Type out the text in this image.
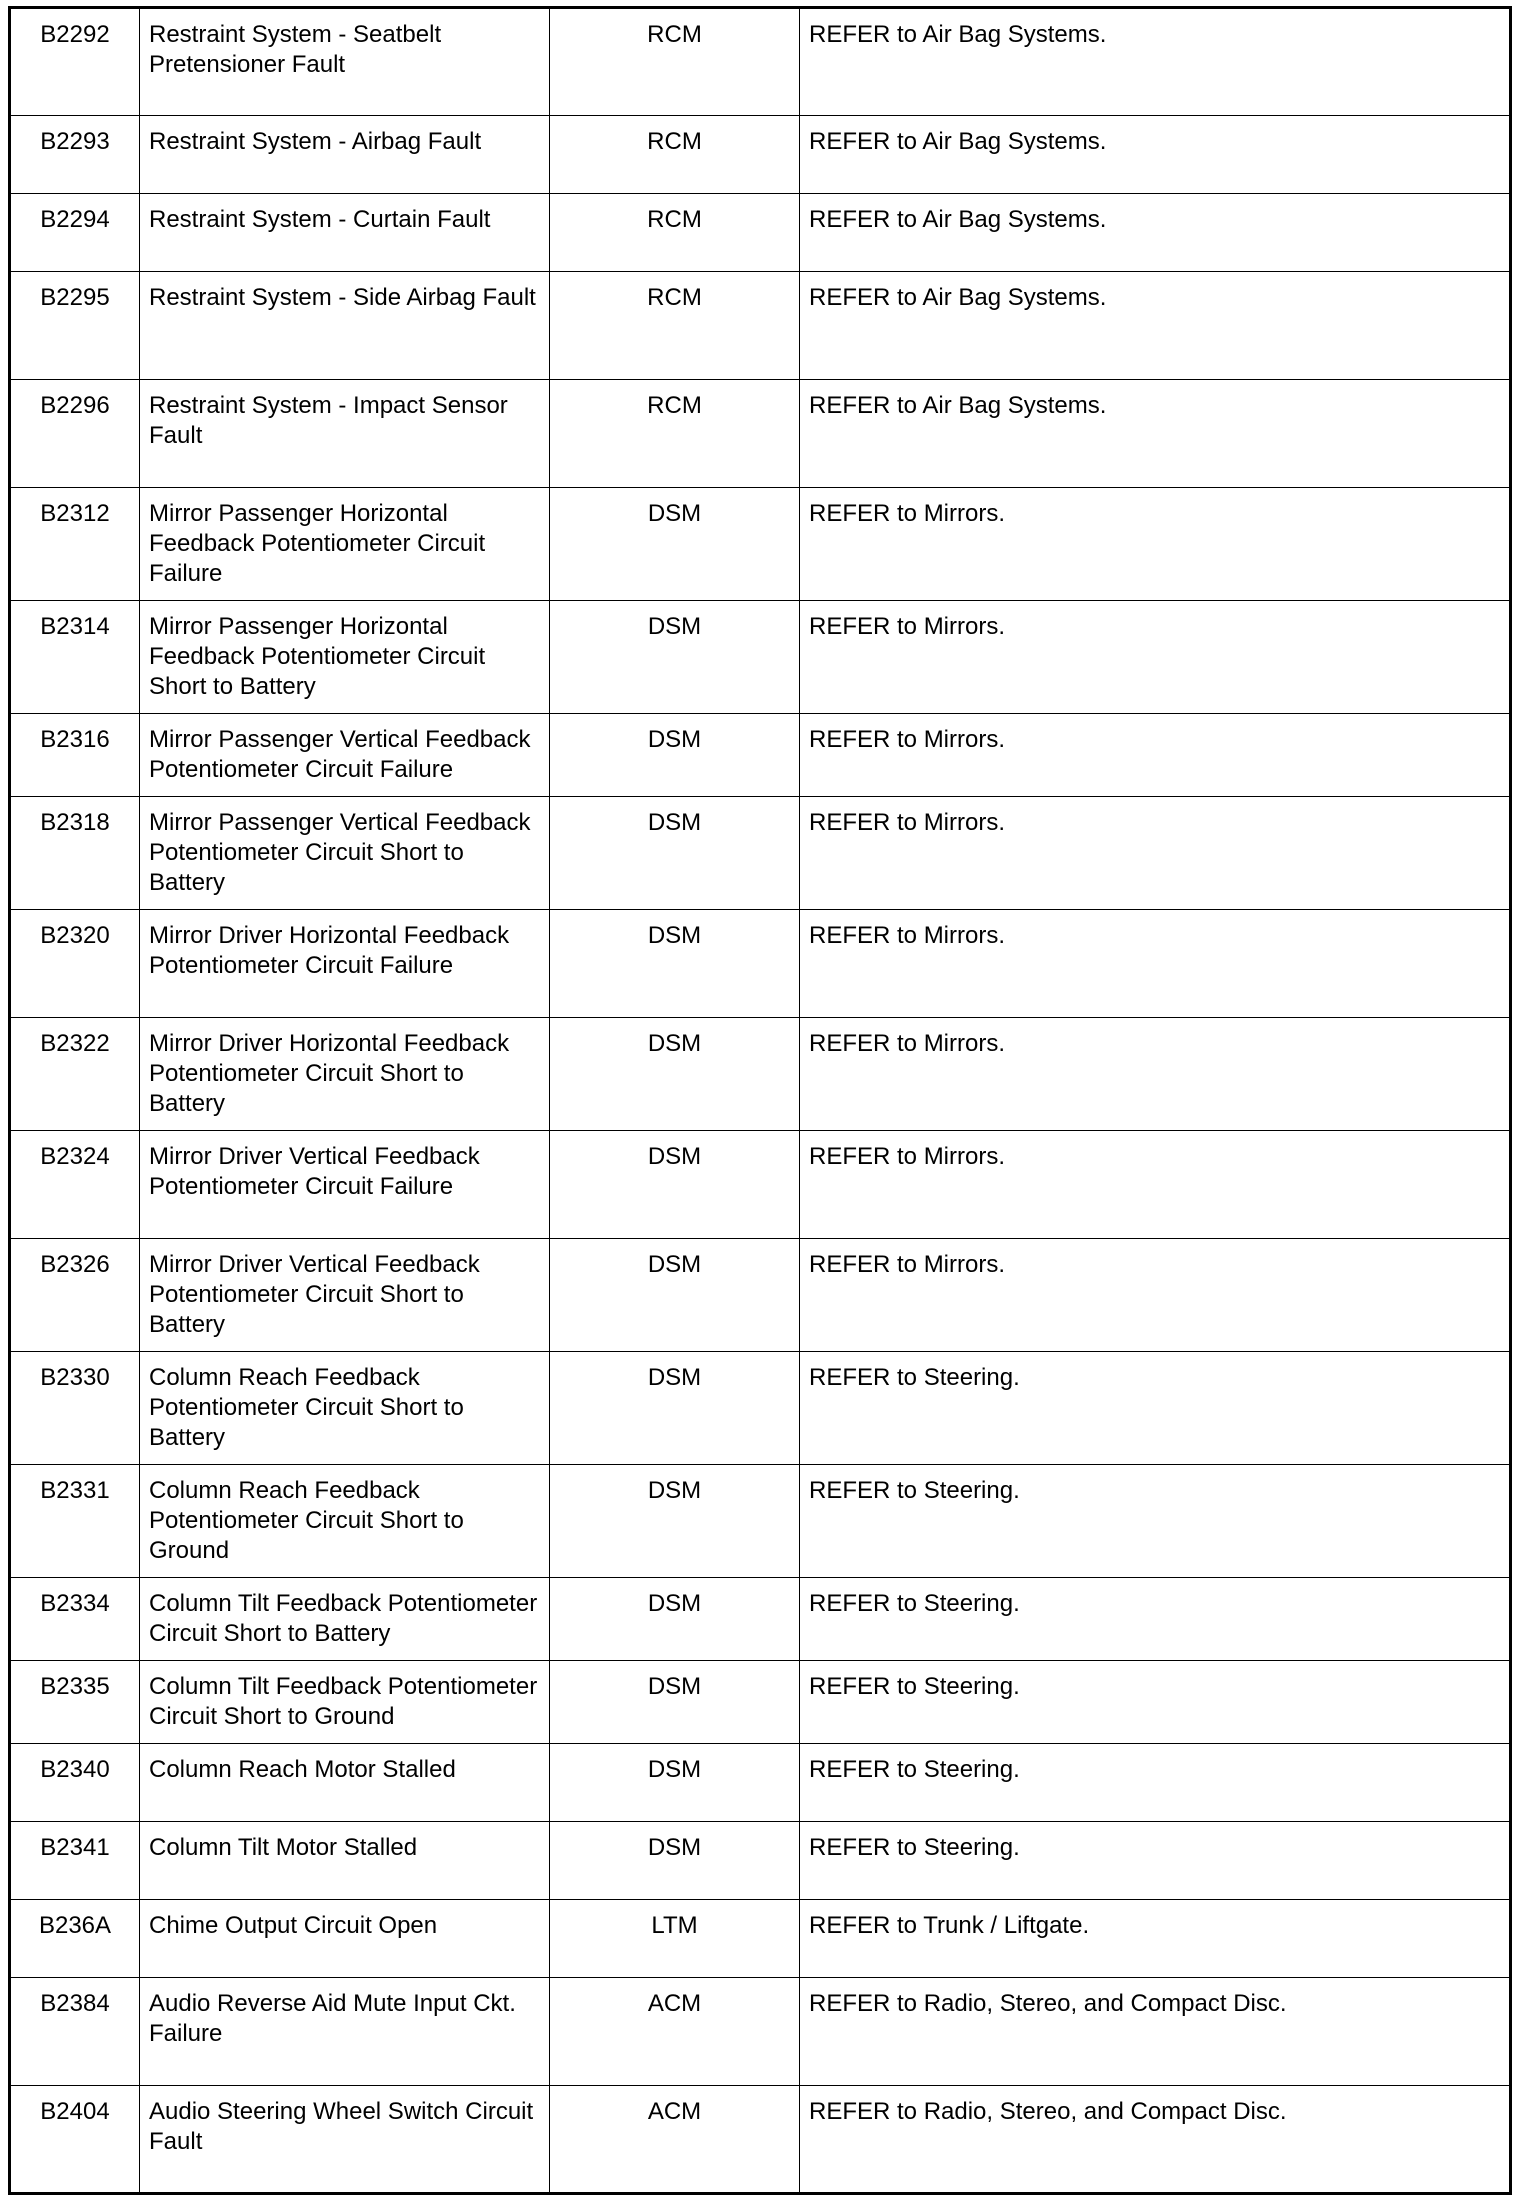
B2292	Restraint System - Seatbelt Pretensioner Fault	RCM	REFER to Air Bag Systems.
B2293	Restraint System - Airbag Fault	RCM	REFER to Air Bag Systems.
B2294	Restraint System - Curtain Fault	RCM	REFER to Air Bag Systems.
B2295	Restraint System - Side Airbag Fault	RCM	REFER to Air Bag Systems.
B2296	Restraint System - Impact Sensor Fault	RCM	REFER to Air Bag Systems.
B2312	Mirror Passenger Horizontal Feedback Potentiometer Circuit Failure	DSM	REFER to Mirrors.
B2314	Mirror Passenger Horizontal Feedback Potentiometer Circuit Short to Battery	DSM	REFER to Mirrors.
B2316	Mirror Passenger Vertical Feedback Potentiometer Circuit Failure	DSM	REFER to Mirrors.
B2318	Mirror Passenger Vertical Feedback Potentiometer Circuit Short to Battery	DSM	REFER to Mirrors.
B2320	Mirror Driver Horizontal Feedback Potentiometer Circuit Failure	DSM	REFER to Mirrors.
B2322	Mirror Driver Horizontal Feedback Potentiometer Circuit Short to Battery	DSM	REFER to Mirrors.
B2324	Mirror Driver Vertical Feedback Potentiometer Circuit Failure	DSM	REFER to Mirrors.
B2326	Mirror Driver Vertical Feedback Potentiometer Circuit Short to Battery	DSM	REFER to Mirrors.
B2330	Column Reach Feedback Potentiometer Circuit Short to Battery	DSM	REFER to Steering.
B2331	Column Reach Feedback Potentiometer Circuit Short to Ground	DSM	REFER to Steering.
B2334	Column Tilt Feedback Potentiometer Circuit Short to Battery	DSM	REFER to Steering.
B2335	Column Tilt Feedback Potentiometer Circuit Short to Ground	DSM	REFER to Steering.
B2340	Column Reach Motor Stalled	DSM	REFER to Steering.
B2341	Column Tilt Motor Stalled	DSM	REFER to Steering.
B236A	Chime Output Circuit Open	LTM	REFER to Trunk / Liftgate.
B2384	Audio Reverse Aid Mute Input Ckt. Failure	ACM	REFER to Radio, Stereo, and Compact Disc.
B2404	Audio Steering Wheel Switch Circuit Fault	ACM	REFER to Radio, Stereo, and Compact Disc.
